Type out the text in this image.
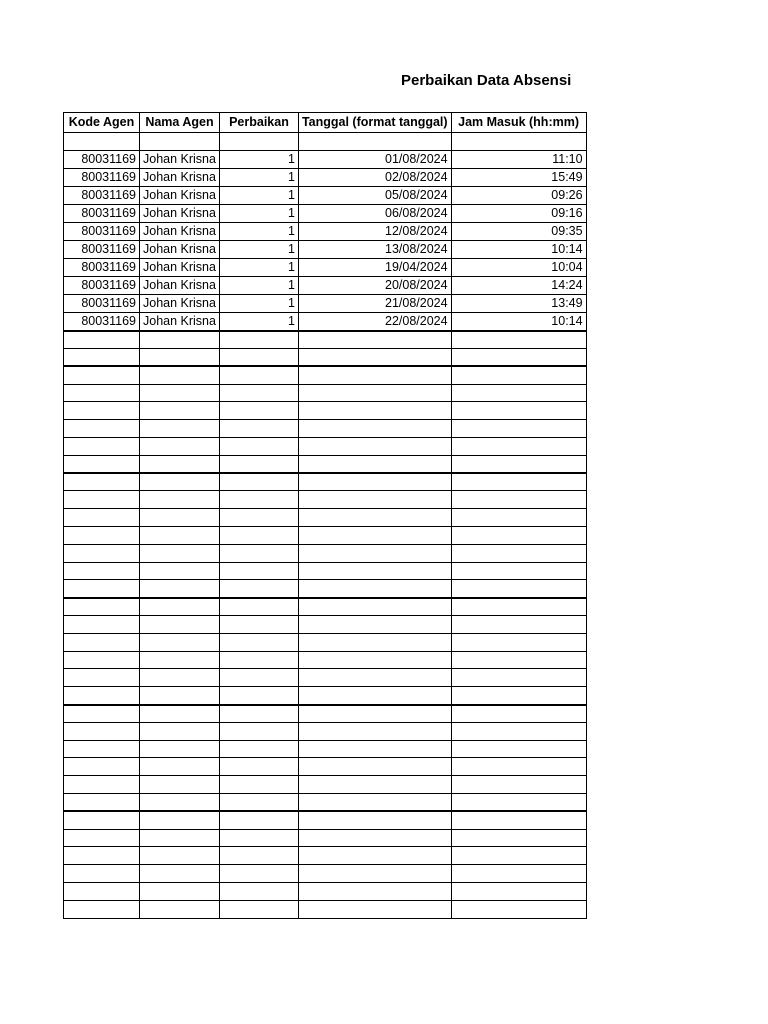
Perbaikan Data Absensi
Kode Agen	Nama Agen	Perbaikan	Tanggal (format tanggal)	Jam Masuk (hh:mm)

80031169	Johan Krisna	1	01/08/2024	11:10
80031169	Johan Krisna	1	02/08/2024	15:49
80031169	Johan Krisna	1	05/08/2024	09:26
80031169	Johan Krisna	1	06/08/2024	09:16
80031169	Johan Krisna	1	12/08/2024	09:35
80031169	Johan Krisna	1	13/08/2024	10:14
80031169	Johan Krisna	1	19/04/2024	10:04
80031169	Johan Krisna	1	20/08/2024	14:24
80031169	Johan Krisna	1	21/08/2024	13:49
80031169	Johan Krisna	1	22/08/2024	10:14
